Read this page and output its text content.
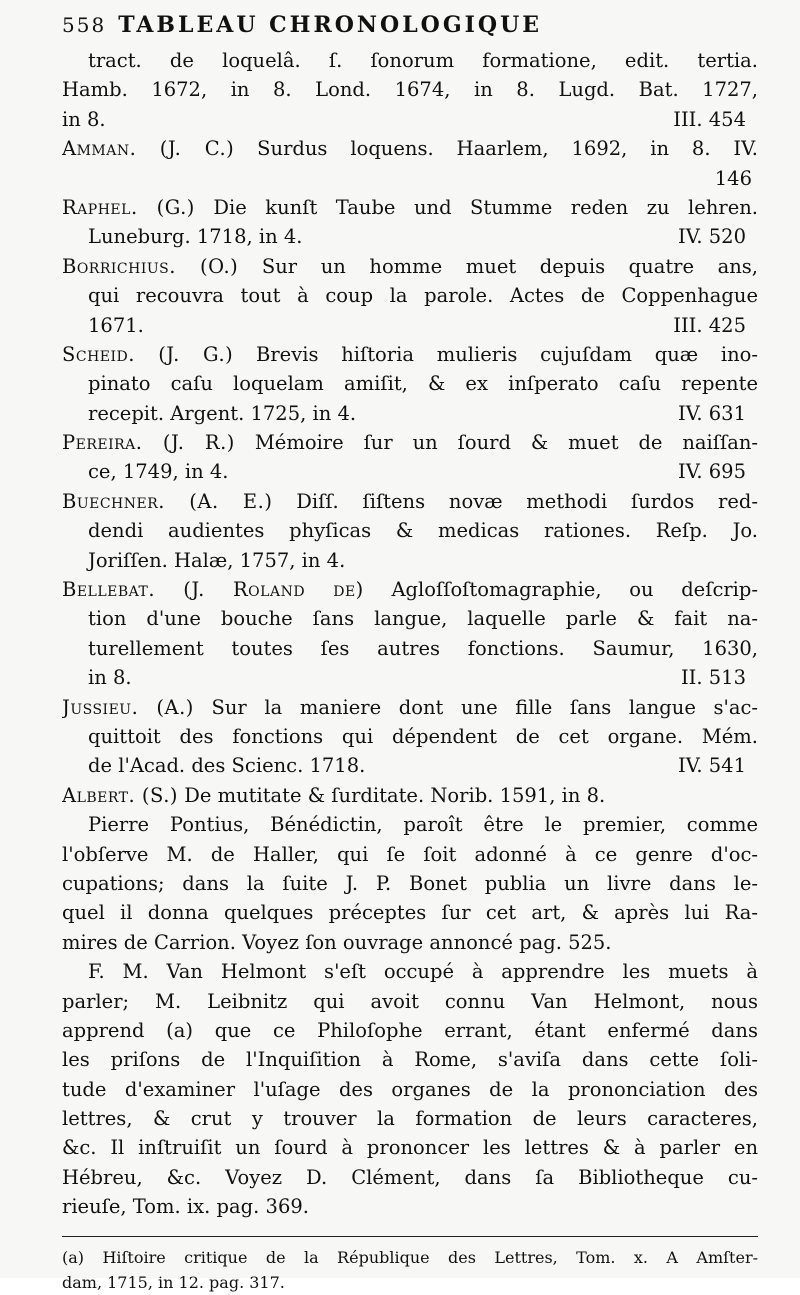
558 TABLEAU CHRONOLOGIQUE
tract. de loquelâ. ſ. ſonorum formatione, edit. tertia.
Hamb. 1672, in 8. Lond. 1674, in 8. Lugd. Bat. 1727,
in 8.	III. 454
Amman. (J. C.) Surdus loquens. Haarlem, 1692, in 8. IV.
146
Raphel. (G.) Die kunſt Taube und Stumme reden zu lehren.
Luneburg. 1718, in 4.	IV. 520
Borrichius. (O.) Sur un homme muet depuis quatre ans,
qui recouvra tout à coup la parole. Actes de Coppenhague
1671.	III. 425
Scheid. (J. G.) Brevis hiſtoria mulieris cujuſdam quæ ino-
pinato caſu loquelam amiſit, & ex inſperato caſu repente
recepit. Argent. 1725, in 4.	IV. 631
Pereira. (J. R.) Mémoire ſur un ſourd & muet de naiſſan-
ce, 1749, in 4.	IV. 695
Buechner. (A. E.) Diſſ. ſiſtens novæ methodi ſurdos red-
dendi audientes phyſicas & medicas rationes. Reſp. Jo.
Joriſſen. Halæ, 1757, in 4.
Bellebat. (J. Roland de) Agloſſoſtomagraphie, ou deſcrip-
tion d'une bouche ſans langue, laquelle parle & fait na-
turellement toutes ſes autres fonctions. Saumur, 1630,
in 8.	II. 513
Jussieu. (A.) Sur la maniere dont une fille ſans langue s'ac-
quittoit des fonctions qui dépendent de cet organe. Mém.
de l'Acad. des Scienc. 1718.	IV. 541
Albert. (S.) De mutitate & ſurditate. Norib. 1591, in 8.
Pierre Pontius, Bénédictin, paroît être le premier, comme
l'obſerve M. de Haller, qui ſe ſoit adonné à ce genre d'oc-
cupations; dans la ſuite J. P. Bonet publia un livre dans le-
quel il donna quelques préceptes ſur cet art, & après lui Ra-
mires de Carrion. Voyez ſon ouvrage annoncé pag. 525.
F. M. Van Helmont s'eſt occupé à apprendre les muets à
parler; M. Leibnitz qui avoit connu Van Helmont, nous
apprend (a) que ce Philoſophe errant, étant enfermé dans
les priſons de l'Inquiſition à Rome, s'aviſa dans cette ſoli-
tude d'examiner l'uſage des organes de la prononciation des
lettres, & crut y trouver la formation de leurs caracteres,
&c. Il inſtruiſit un ſourd à prononcer les lettres & à parler en
Hébreu, &c. Voyez D. Clément, dans ſa Bibliotheque cu-
rieuſe, Tom. ix. pag. 369.
(a) Hiſtoire critique de la République des Lettres, Tom. x. A Amſter-
dam, 1715, in 12. pag. 317.
